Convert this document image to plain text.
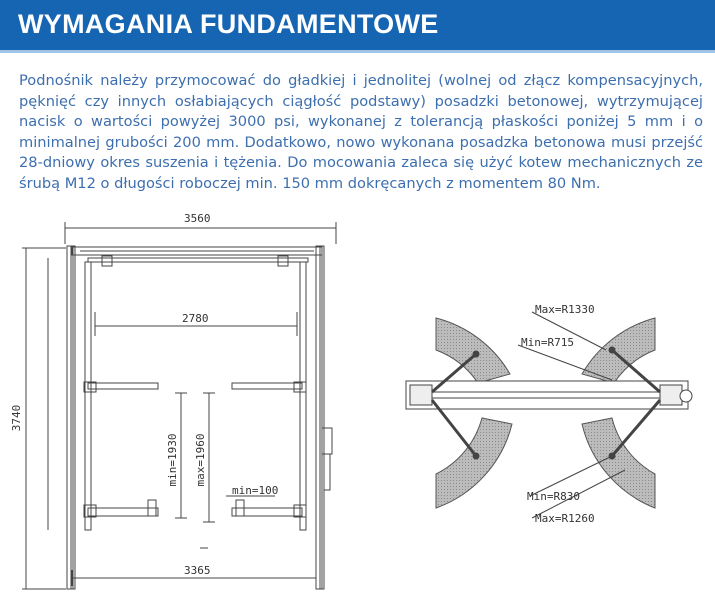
WYMAGANIA FUNDAMENTOWE

Podnośnik należy przymocować do gładkiej i jednolitej (wolnej od złącz kompensacyjnych, pęknięć czy innych osłabiających ciągłość podstawy) posadzki betonowej, wytrzymującej nacisk o wartości powyżej 3000 psi, wykonanej z tolerancją płaskości poniżej 5 mm i o minimalnej grubości 200 mm. Dodatkowo, nowo wykonana posadzka betonowa musi przejść 28-dniowy okres suszenia i tężenia. Do mocowania zaleca się użyć kotew mechanicznych ze śrubą M12 o długości roboczej min. 150 mm dokręcanych z momentem 80 Nm.

3560
2780
3740
min=1930 max=1960
min=100
3365
Max=R1330
Min=R715
Min=R830
Max=R1260
